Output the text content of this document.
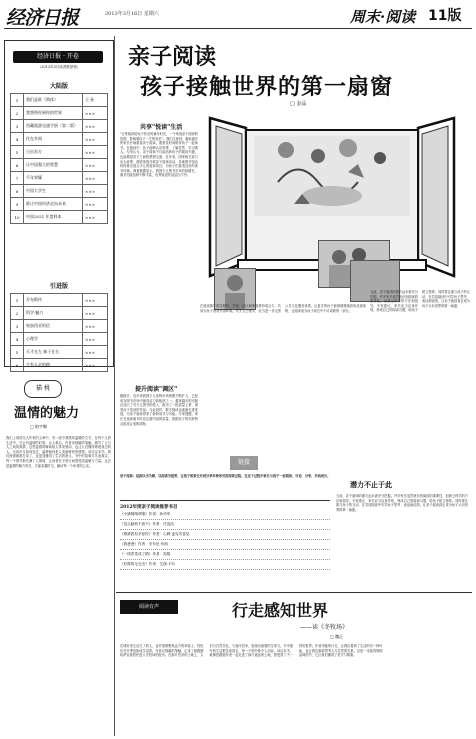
经济日报	2013年3月16日 星期六	周末·阅读 11版
经济日报 · 开卷
（2013年3月读者推荐榜）
大陆版
1	我们是谁（简体）	王·孙
2	我想带你到你的世界	×××
3	西藏旅游交通手册（第二版）	×××
4	住在乡间	×××
5	日出东方	×××
6	让中国强大的智慧	×××
7	千年荣耀	×××
8	中国大学生	×××
9	谁让中国经济走向未来	×××
10	中国2021 年度样本	×××
引进版
1	乔布斯传	×××
2	科学·魅力	×××
3	致加西亚的信	×××
4	心理学	×××
5	天才在左 疯子在右	×××
6	少有人走的路	×××
猫 桃
温情的魅力
□ 柏宇琳
我们上周读完大作家的文章中，有一段令我感到温暖的文字。在每个人的生活中，总会有温情的时刻，让人难忘。作者用细腻的笔触，描写了人与人之间的真情，这些温情的瞬间给人带来感动，也让人们懂得珍惜身边的人。无论岁月如何变迁，温情始终是人类最珍贵的情感。读完这本书，我们深深地被打动了，也更加懂得了生活的意义。书中的故事平凡而真实，每一个细节都充满了人情味，让读者在字里行间感受到温暖与力量。这正是温情的魅力所在，它能穿越时空，触动每一个读者的心灵。
亲子阅读
孩子接触世界的第一扇窗
□ 金品
共享"悦读"生活
"日常阅读给孩子快乐的童年时光，一个家庭亲子阅读的氛围，影响着孩子一生的成长"。我们注意到，越来越多的家长开始重视亲子阅读，愿意花时间陪伴孩子一起读书。在阅读中，孩子能够认识世界、了解自然、学习做人。专家认为，亲子阅读不仅能培养孩子的阅读兴趣，还能增进亲子之间的感情交流。近年来，国家相关部门出台政策，鼓励家庭开展亲子阅读活动，各地图书馆也纷纷推出适合少儿的阅读项目，为孩子们营造良好的读书环境。调查数据显示，我国少儿图书市场持续增长，童书出版品种不断丰富，优秀原创作品层出不穷。
提升阅读"调区"
据统计，近年来我国少儿读物市场规模不断扩大，已经成为图书市场中最具活力的板块之一。越来越多的出版社加大了对少儿图书的投入，推出了一批质量上乘、深受孩子喜爱的作品。与此同时，数字阅读也逐渐走进家庭，为亲子阅读带来了新的形式与可能。专家提醒，家长在选择童书时应注重内容的质量，根据孩子的年龄特点挑选合适的读物。
在阅读推广的过程中，学校、社区和家庭要形成合力，共同为孩子营造书香环境。有关人士表示，应当进一步完善公共文化服务体系，让更多的孩子能够便捷地获取优质读物，让阅读成为孩子成长中不可或缺的一部分。
当前，亲子阅读的潜力远未被充分挖掘。许多家长虽然意识到阅读的重要性，但缺乏科学的方法和指导。专家建议，家长应当以身作则，养成自己的阅读习惯，给孩子树立榜样。同时要注重与孩子的互动，在共同阅读中引导孩子思考、表达和创造，让亲子阅读真正成为孩子认识世界的第一扇窗。
潜力不止于此
当前，亲子阅读的潜力远未被充分挖掘。许多家长虽然意识到阅读的重要性，但缺乏科学的方法和指导。专家建议，家长应当以身作则，养成自己的阅读习惯，给孩子树立榜样。同时要注重与孩子的互动，在共同阅读中引导孩子思考、表达和创造，让亲子阅读真正成为孩子认识世界的第一扇窗。
链接
亲子阅读：是指以书为媒，以阅读为纽带，让孩子和家长共同分享多种形式的阅读过程。在这个过程中家长与孩子一起阅读、讨论、分享，共同成长。
2012年度亲子阅读推荐书目
《小猪唏哩呼噜》作者：孙幼军
《没头脑和不高兴》作者：任溶溶
《猜猜我有多爱你》作者：山姆·麦克布雷尼
《我爸爸》作者：安东尼·布朗
《一园青菜成了精》作者：周翔
《好饿的毛毛虫》作者：艾瑞·卡尔
阅读有声	行走感知世界
——读《冬牧场》
□ 魏正
在城市里生活久了的人，也许很难想象远方的草原上，牧民们在冬季是如何生活的。作者以细腻的笔触，记录了她跟随哈萨克族牧民进入冬牧场的经历。在那片荒凉的土地上，人们与自然共处，与寒冷抗争，展现出顽强的生命力。书中描写的生活艰苦而真实，每一个细节都令人动容。读这本书，就像是跟随作者一起走进了那片遥远的土地，感受到了不一样的世界。作者用她的行走，让我们看到了生活的另一种可能，也让我们重新思考人与自然的关系。这是一本值得细细品味的书，它让我们懂得了坚守与尊重。
